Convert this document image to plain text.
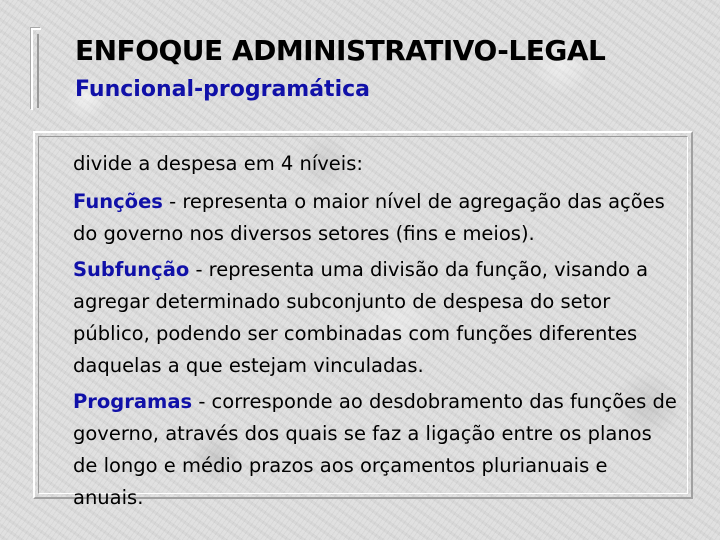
ENFOQUE ADMINISTRATIVO-LEGAL
Funcional-programática

divide a despesa em 4 níveis:

Funções - representa o maior nível de agregação das ações do governo nos diversos setores (fins e meios).

Subfunção - representa uma divisão da função, visando a agregar determinado subconjunto de despesa do setor público, podendo ser combinadas com funções diferentes daquelas a que estejam vinculadas.

Programas - corresponde ao desdobramento das funções de governo, através dos quais se faz a ligação entre os planos de longo e médio prazos aos orçamentos plurianuais e anuais.
